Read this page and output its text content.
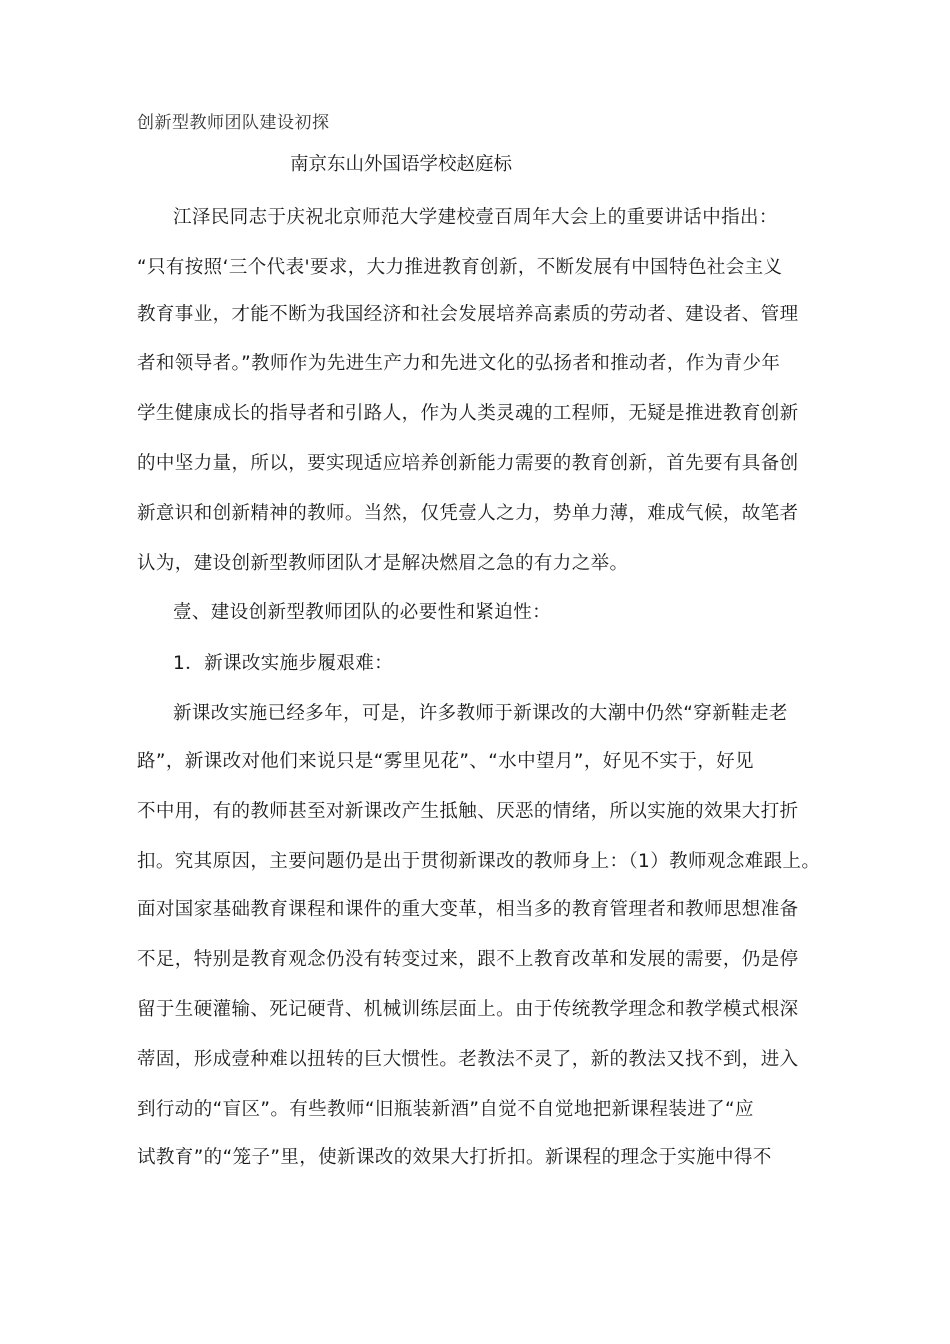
创新型教师团队建设初探
南京东山外国语学校赵庭标
江泽民同志于庆祝北京师范大学建校壹百周年大会上的重要讲话中指出：
“只有按照‘三个代表'要求，大力推进教育创新，不断发展有中国特色社会主义
教育事业，才能不断为我国经济和社会发展培养高素质的劳动者、建设者、管理
者和领导者。”教师作为先进生产力和先进文化的弘扬者和推动者，作为青少年
学生健康成长的指导者和引路人，作为人类灵魂的工程师，无疑是推进教育创新
的中坚力量，所以，要实现适应培养创新能力需要的教育创新，首先要有具备创
新意识和创新精神的教师。当然，仅凭壹人之力，势单力薄，难成气候，故笔者
认为，建设创新型教师团队才是解决燃眉之急的有力之举。
壹、建设创新型教师团队的必要性和紧迫性：
1．新课改实施步履艰难：
新课改实施已经多年，可是，许多教师于新课改的大潮中仍然“穿新鞋走老
路”，新课改对他们来说只是“雾里见花”、“水中望月”，好见不实于，好见
不中用，有的教师甚至对新课改产生抵触、厌恶的情绪，所以实施的效果大打折
扣。究其原因，主要问题仍是出于贯彻新课改的教师身上：（1）教师观念难跟上。
面对国家基础教育课程和课件的重大变革，相当多的教育管理者和教师思想准备
不足，特别是教育观念仍没有转变过来，跟不上教育改革和发展的需要，仍是停
留于生硬灌输、死记硬背、机械训练层面上。由于传统教学理念和教学模式根深
蒂固，形成壹种难以扭转的巨大惯性。老教法不灵了，新的教法又找不到，进入
到行动的“盲区”。有些教师“旧瓶装新酒”自觉不自觉地把新课程装进了“应
试教育”的“笼子”里，使新课改的效果大打折扣。新课程的理念于实施中得不
